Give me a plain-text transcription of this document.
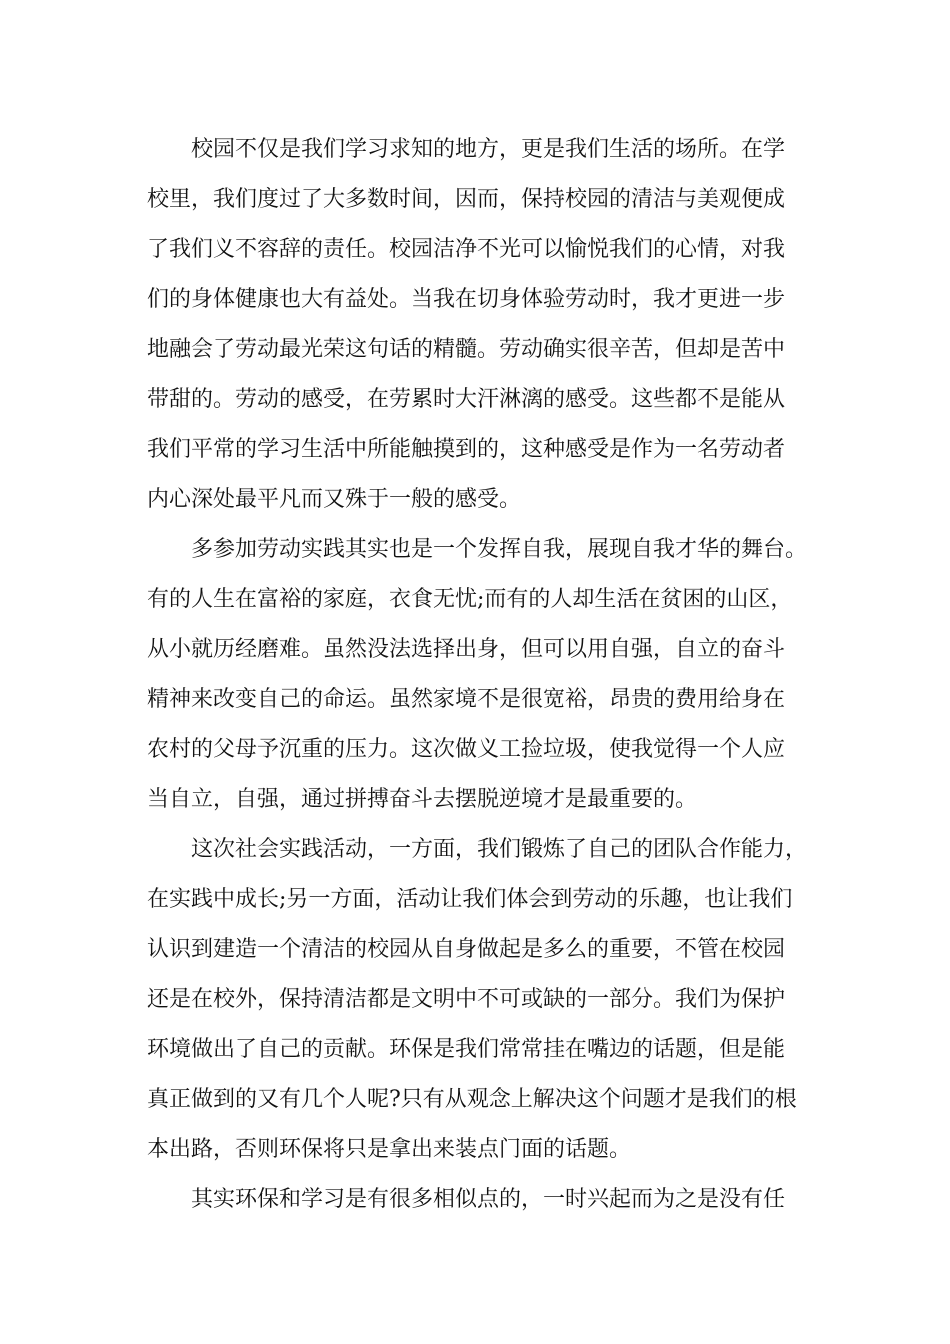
校园不仅是我们学习求知的地方，更是我们生活的场所。在学

校里，我们度过了大多数时间，因而，保持校园的清洁与美观便成

了我们义不容辞的责任。校园洁净不光可以愉悦我们的心情，对我

们的身体健康也大有益处。当我在切身体验劳动时，我才更进一步

地融会了劳动最光荣这句话的精髓。劳动确实很辛苦，但却是苦中

带甜的。劳动的感受，在劳累时大汗淋漓的感受。这些都不是能从

我们平常的学习生活中所能触摸到的，这种感受是作为一名劳动者

内心深处最平凡而又殊于一般的感受。

多参加劳动实践其实也是一个发挥自我，展现自我才华的舞台。

有的人生在富裕的家庭，衣食无忧;而有的人却生活在贫困的山区，

从小就历经磨难。虽然没法选择出身，但可以用自强，自立的奋斗

精神来改变自己的命运。虽然家境不是很宽裕，昂贵的费用给身在

农村的父母予沉重的压力。这次做义工捡垃圾，使我觉得一个人应

当自立，自强，通过拼搏奋斗去摆脱逆境才是最重要的。

这次社会实践活动，一方面，我们锻炼了自己的团队合作能力，

在实践中成长;另一方面，活动让我们体会到劳动的乐趣，也让我们

认识到建造一个清洁的校园从自身做起是多么的重要，不管在校园

还是在校外，保持清洁都是文明中不可或缺的一部分。我们为保护

环境做出了自己的贡献。环保是我们常常挂在嘴边的话题，但是能

真正做到的又有几个人呢?只有从观念上解决这个问题才是我们的根

本出路，否则环保将只是拿出来装点门面的话题。

其实环保和学习是有很多相似点的，一时兴起而为之是没有任
